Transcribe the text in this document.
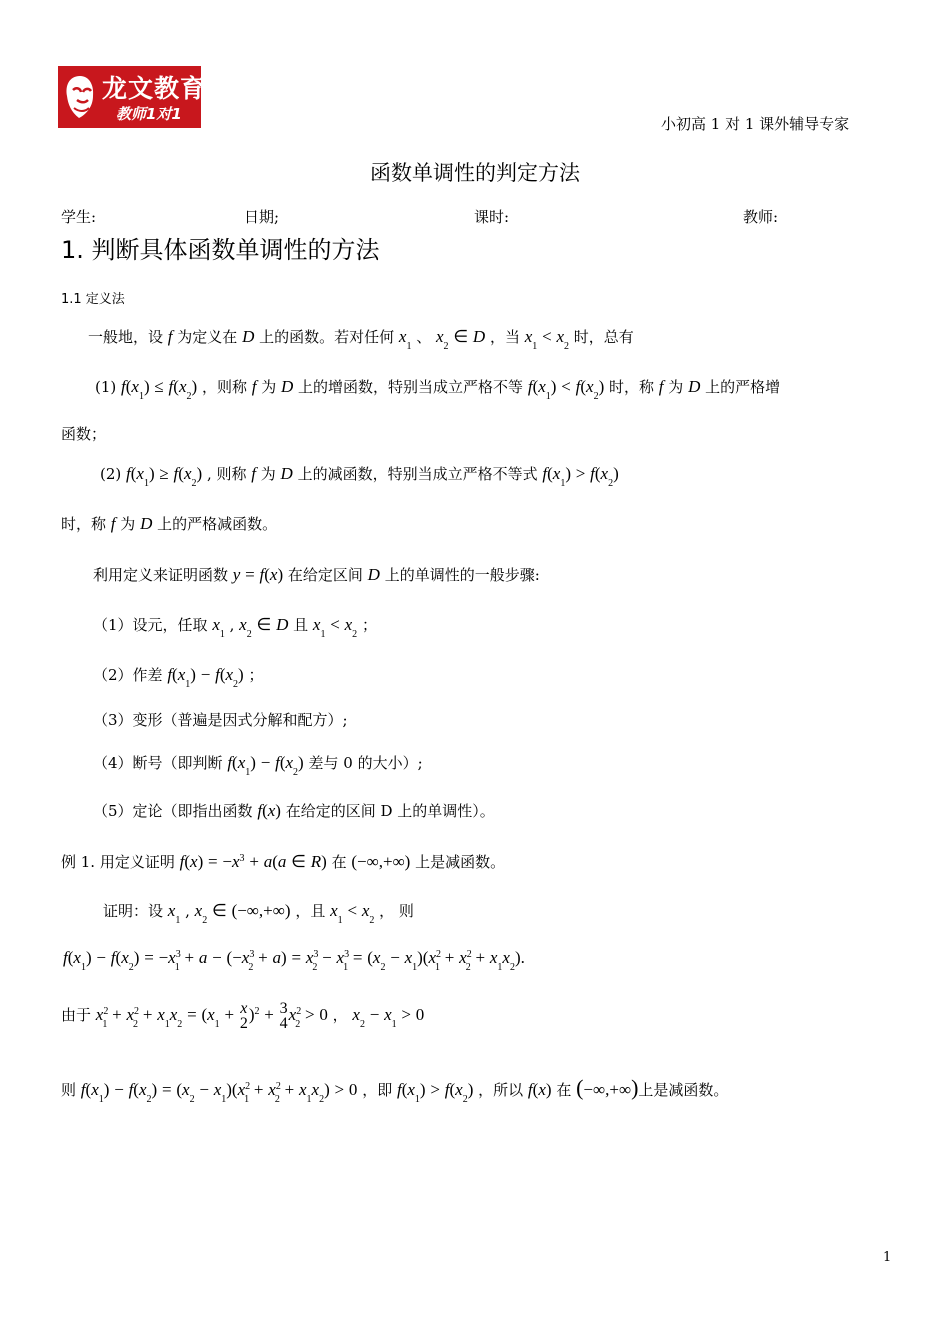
龙文教育
教师1对1
小初高 1 对 1 课外辅导专家
函数单调性的判定方法
学生:	日期;	课时:	教师:
1. 判断具体函数单调性的方法
1.1 定义法
一般地，设 f 为定义在 D 上的函数。若对任何 $x_1$ 、 $x_2$ ∈ D ，当 $x_1 < x_2$ 时，总有
(1) $f(x_1) \le f(x_2)$ ，则称 f 为 D 上的增函数，特别当成立严格不等 $f(x_1) < f(x_2)$ 时，称 f 为 D 上的严格增
函数；
(2) $f(x_1) \ge f(x_2)$ , 则称 f 为 D 上的减函数，特别当成立严格不等式 $f(x_1) > f(x_2)$
时，称 f 为 D 上的严格减函数。
利用定义来证明函数 y = f(x) 在给定区间 D 上的单调性的一般步骤:
（1）设元，任取 $x_1$ , $x_2$ ∈ D 且 $x_1 < x_2$ ；
（2）作差 $f(x_1) - f(x_2)$ ；
（3）变形（普遍是因式分解和配方）;
（4）断号（即判断 $f(x_1) - f(x_2)$ 差与 0 的大小）;
（5）定论（即指出函数 f(x) 在给定的区间 D 上的单调性）。
例 1. 用定义证明 $f(x) = -x^3 + a(a$ ∈ R) 在 (−∞,+∞) 上是减函数。
证明：设 $x_1$ , $x_2$ ∈ (−∞,+∞) ，且 $x_1 < x_2$ ， 则
$f(x_1) - f(x_2) = -x^3_1 + a - (-x^3_2 + a) = x^3_2 - x^3_1 = (x_2 - x_1)(x^2_1 + x^2_2 + x_1x_2)$.
由于 $x^2_1 + x^2_2 + x_1x_2 = (x_1 + x$
2 )$^2$ + 3
4 $x^2_2 > 0$ ， $x_2 - x_1 > 0$
则 $f(x_1) - f(x_2) = (x_2 - x_1)(x^2_1 + x^2_2 + x_1x_2) > 0$ ，即 $f(x_1) > f(x_2)$ ，所以 f(x) 在 (−∞,+∞)上是减函数。
1
